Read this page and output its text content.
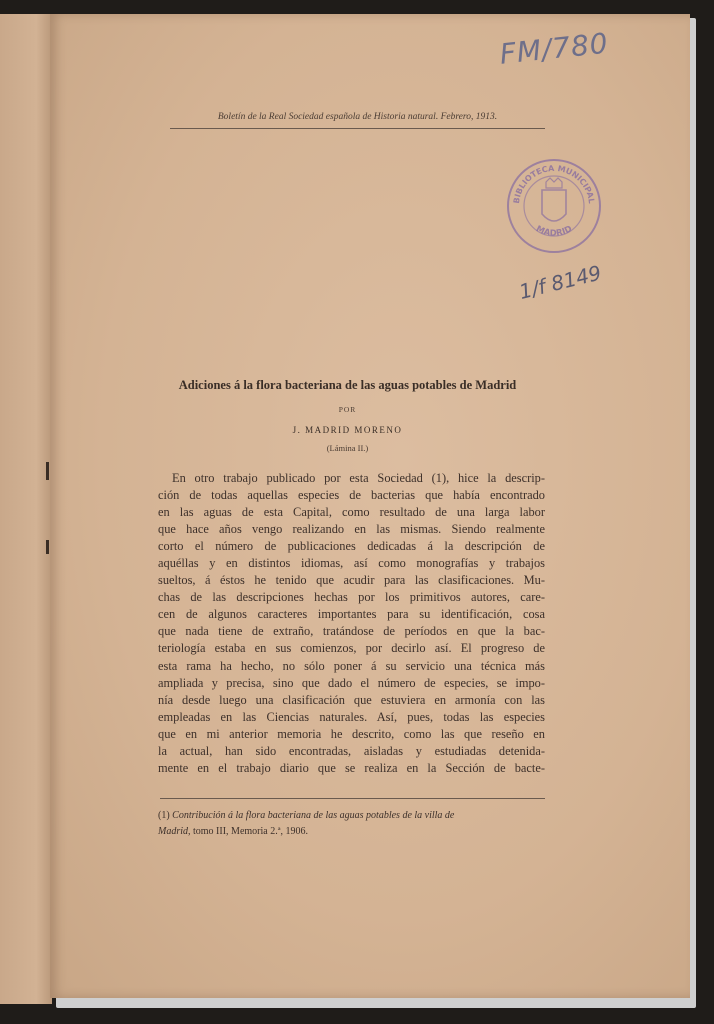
FM/780
BIBLIOTECA MUNICIPAL
MADRID
1/f 8149
Boletín de la Real Sociedad española de Historia natural. Febrero, 1913.
Adiciones á la flora bacteriana de las aguas potables de Madrid
POR
J. MADRID MORENO
(Lámina II.)
En otro trabajo publicado por esta Sociedad (1), hice la descrip-
ción de todas aquellas especies de bacterias que había encontrado
en las aguas de esta Capital, como resultado de una larga labor
que hace años vengo realizando en las mismas. Siendo realmente
corto el número de publicaciones dedicadas á la descripción de
aquéllas y en distintos idiomas, así como monografías y trabajos
sueltos, á éstos he tenido que acudir para las clasificaciones. Mu-
chas de las descripciones hechas por los primitivos autores, care-
cen de algunos caracteres importantes para su identificación, cosa
que nada tiene de extraño, tratándose de períodos en que la bac-
teriología estaba en sus comienzos, por decirlo así. El progreso de
esta rama ha hecho, no sólo poner á su servicio una técnica más
ampliada y precisa, sino que dado el número de especies, se impo-
nía desde luego una clasificación que estuviera en armonía con las
empleadas en las Ciencias naturales. Así, pues, todas las especies
que en mi anterior memoria he descrito, como las que reseño en
la actual, han sido encontradas, aisladas y estudiadas detenida-
mente en el trabajo diario que se realiza en la Sección de bacte-
(1) Contribución á la flora bacteriana de las aguas potables de la villa de
Madrid, tomo III, Memoria 2.ª, 1906.
